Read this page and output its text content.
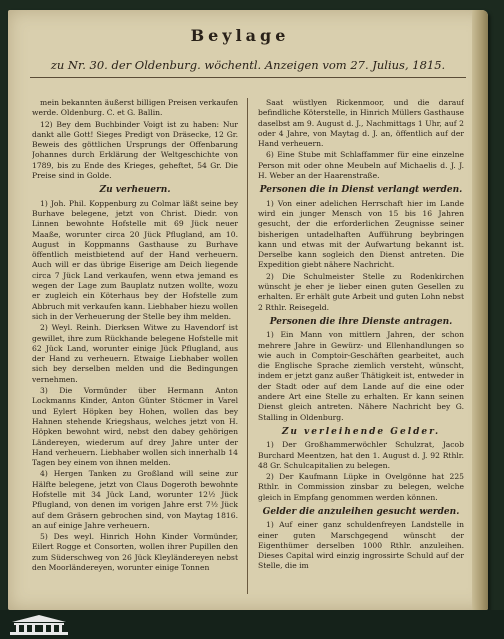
Beylage
zu Nr. 30. der Oldenburg. wöchentl. Anzeigen vom 27. Julius, 1815.

mein bekannten äußerst billigen Preisen verkaufen werde. Oldenburg. C. et G. Ballin.

12) Bey dem Buchbinder Voigt ist zu haben: Nur dankt alle Gott! Sieges Predigt von Dräsecke, 12 Gr. Beweis des göttlichen Ursprungs der Offenbarung Johannes durch Erklärung der Weltgeschichte von 1789, bis zu Ende des Krieges, geheftet, 54 Gr. Die Preise sind in Golde.

Zu verheuern.

1) Joh. Phil. Koppenburg zu Colmar läßt seine bey Burhave belegene, jetzt von Christ. Diedr. von Linnen bewohnte Hofstelle mit 69 Jück neuer Maaße, worunter circa 20 Jück Pflugland, am 10. August in Koppmanns Gasthause zu Burhave öffentlich meistbietend auf der Hand verheuern. Auch will er das übrige Eiserige am Deich liegende circa 7 Jück Land verkaufen, wenn etwa jemand es wegen der Lage zum Bauplatz nutzen wollte, wozu er zugleich ein Köterhaus bey der Hofstelle zum Abbruch mit verkaufen kann. Liebhaber hiezu wollen sich in der Verheuerung der Stelle bey ihm melden.

2) Weyl. Reinh. Dierksen Witwe zu Havendorf ist gewillet, ihre zum Rückhande belegene Hofstelle mit 62 Jück Land, worunter einige Jück Pflugland, aus der Hand zu verheuern. Etwaige Liebhaber wollen sich bey derselben melden und die Bedingungen vernehmen.

3) Die Vormünder über Hermann Anton Lockmanns Kinder, Anton Günter Stöcmer in Varel und Eylert Höpken bey Hohen, wollen das bey Hahnen stehende Kriegshaus, welches jetzt von H. Höpken bewohnt wird, nebst den dabey gehörigen Ländereyen, wiederum auf drey Jahre unter der Hand verheuern. Liebhaber wollen sich innerhalb 14 Tagen bey einem von ihnen melden.

4) Hergen Tanken zu Großland will seine zur Hälfte belegene, jetzt von Claus Dogeroth bewohnte Hofstelle mit 34 Jück Land, worunter 12½ Jück Pflugland, von denen im vorigen Jahre erst 7½ Jück auf dem Gräsern gebrochen sind, von Maytag 1816. an auf einige Jahre verheuern.

5) Des weyl. Hinrich Hohn Kinder Vormünder, Eilert Rogge et Consorten, wollen ihrer Pupillen den zum Süderschweg von 26 Jück Kleyländereyen nebst den Moorländereyen, worunter einige Tonnen

Saat wüstlyen Rickenmoor, und die darauf befindliche Köterstelle, in Hinrich Müllers Gasthause daselbst am 9. August d. J., Nachmittags 1 Uhr, auf 2 oder 4 Jahre, von Maytag d. J. an, öffentlich auf der Hand verheuern.

6) Eine Stube mit Schlaffammer für eine einzelne Person mit oder ohne Meubeln auf Michaelis d. J. J. H. Weber an der Haarenstraße.

Personen die in Dienst verlangt werden.

1) Von einer adelichen Herrschaft hier im Lande wird ein junger Mensch von 15 bis 16 Jahren gesucht, der die erforderlichen Zeugnisse seiner bisherigen untadelhaften Aufführung beybringen kann und etwas mit der Aufwartung bekannt ist. Derselbe kann sogleich den Dienst antreten. Die Expedition giebt nähere Nachricht.

2) Die Schulmeister Stelle zu Rodenkirchen wünscht je eher je lieber einen guten Gesellen zu erhalten. Er erhält gute Arbeit und guten Lohn nebst 2 Rthlr. Reisegeld.

Personen die ihre Dienste antragen.

1) Ein Mann von mittlern Jahren, der schon mehrere Jahre in Gewürz- und Ellenhandlungen so wie auch in Comptoir-Geschäften gearbeitet, auch die Englische Sprache ziemlich versteht, wünscht, indem er jetzt ganz außer Thätigkeit ist, entweder in der Stadt oder auf dem Lande auf die eine oder andere Art eine Stelle zu erhalten. Er kann seinen Dienst gleich antreten. Nähere Nachricht bey G. Stalling in Oldenburg.

Zu verleihende Gelder.

1) Der Großhammerwöchler Schulzrat, Jacob Burchard Meentzen, hat den 1. August d. J. 92 Rthlr. 48 Gr. Schulcapitalien zu belegen.

2) Der Kaufmann Lüpke in Ovelgönne hat 225 Rthlr. in Commission zinsbar zu belegen, welche gleich in Empfang genommen werden können.

Gelder die anzuleihen gesucht werden.

1) Auf einer ganz schuldenfreyen Landstelle in einer guten Marschgegend wünscht der Eigenthümer derselben 1000 Rthlr. anzuleihen. Dieses Capital wird einzig ingrossirte Schuld auf der Stelle, die im
